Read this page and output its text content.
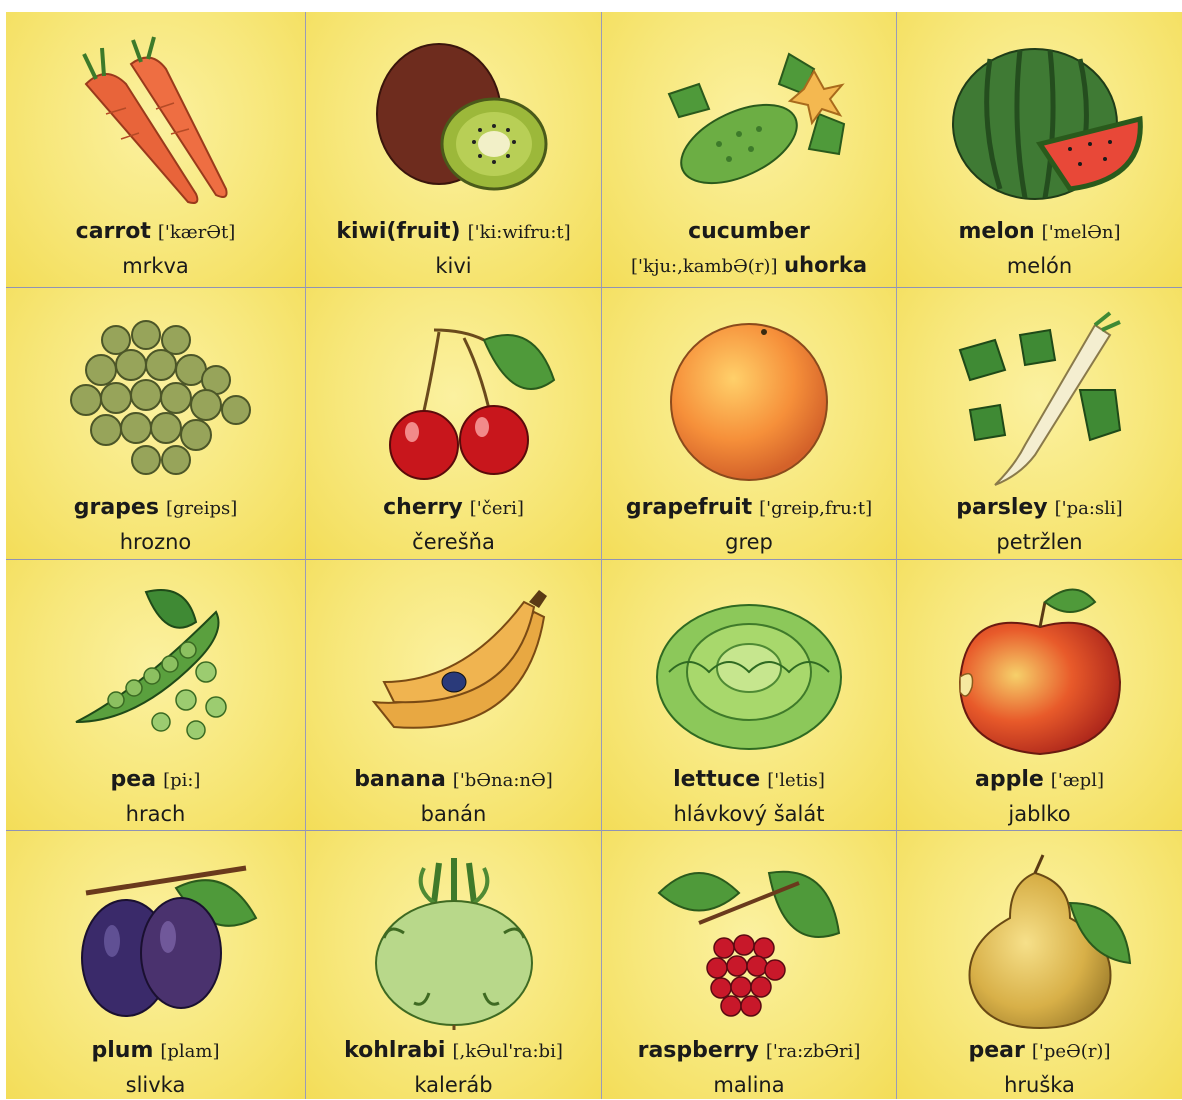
carrot ['kærƏt]
mrkva
kiwi(fruit) ['ki:wifru:t]
kivi
cucumber
['kju:,kambƏ(r)] uhorka
melon ['melƏn]
melón
grapes [greips]
hrozno
cherry ['čeri]
čerešňa
grapefruit ['greip,fru:t]
grep
parsley ['pa:sli]
petržlen
pea [pi:]
hrach
banana ['bƏna:nƏ]
banán
lettuce ['letis]
hlávkový šalát
apple ['æpl]
jablko
plum [plam]
slivka
kohlrabi [,kƏul'ra:bi]
kaleráb
raspberry ['ra:zbƏri]
malina
pear ['peƏ(r)]
hruška
